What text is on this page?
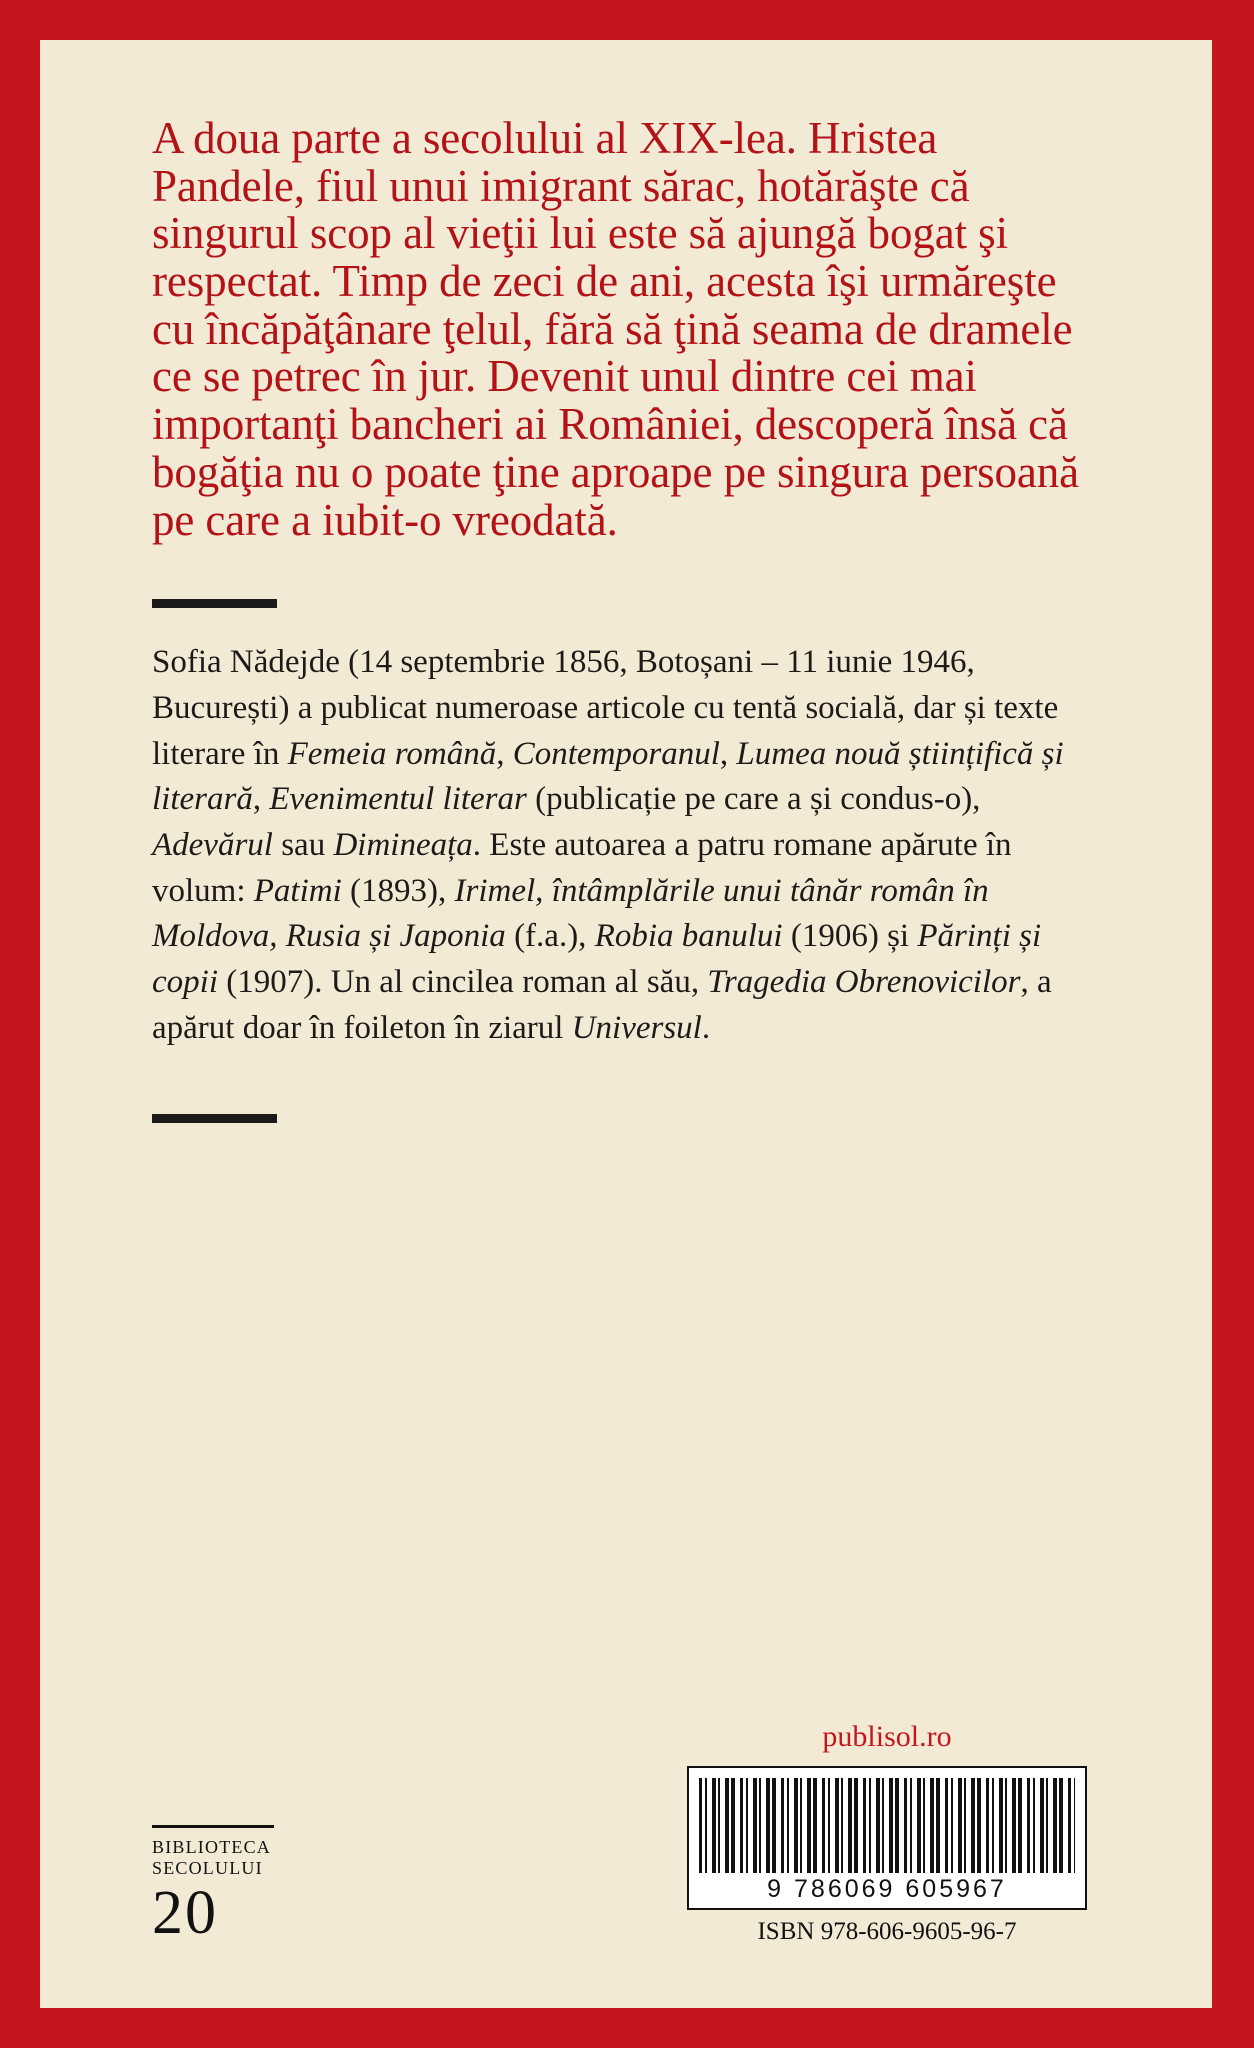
A doua parte a secolului al XIX-lea. Hristea Pandele, fiul unui imigrant sărac, hotărăşte că singurul scop al vieţii lui este să ajungă bogat şi respectat. Timp de zeci de ani, acesta îşi urmăreşte cu încăpăţânare ţelul, fără să ţină seama de dramele ce se petrec în jur. Devenit unul dintre cei mai importanţi bancheri ai României, descoperă însă că bogăţia nu o poate ţine aproape pe singura persoană pe care a iubit-o vreodată.

Sofia Nădejde (14 septembrie 1856, Botoșani – 11 iunie 1946, București) a publicat numeroase articole cu tentă socială, dar și texte literare în Femeia română, Contemporanul, Lumea nouă științifică și literară, Evenimentul literar (publicație pe care a și condus-o), Adevărul sau Dimineața. Este autoarea a patru romane apărute în volum: Patimi (1893), Irimel, întâmplările unui tânăr român în Moldova, Rusia și Japonia (f.a.), Robia banului (1906) și Părinți și copii (1907). Un al cincilea roman al său, Tragedia Obrenovicilor, a apărut doar în foileton în ziarul Universul.

BIBLIOTECA
SECOLULUI
20
publisol.ro
9 786069 605967
ISBN 978-606-9605-96-7
